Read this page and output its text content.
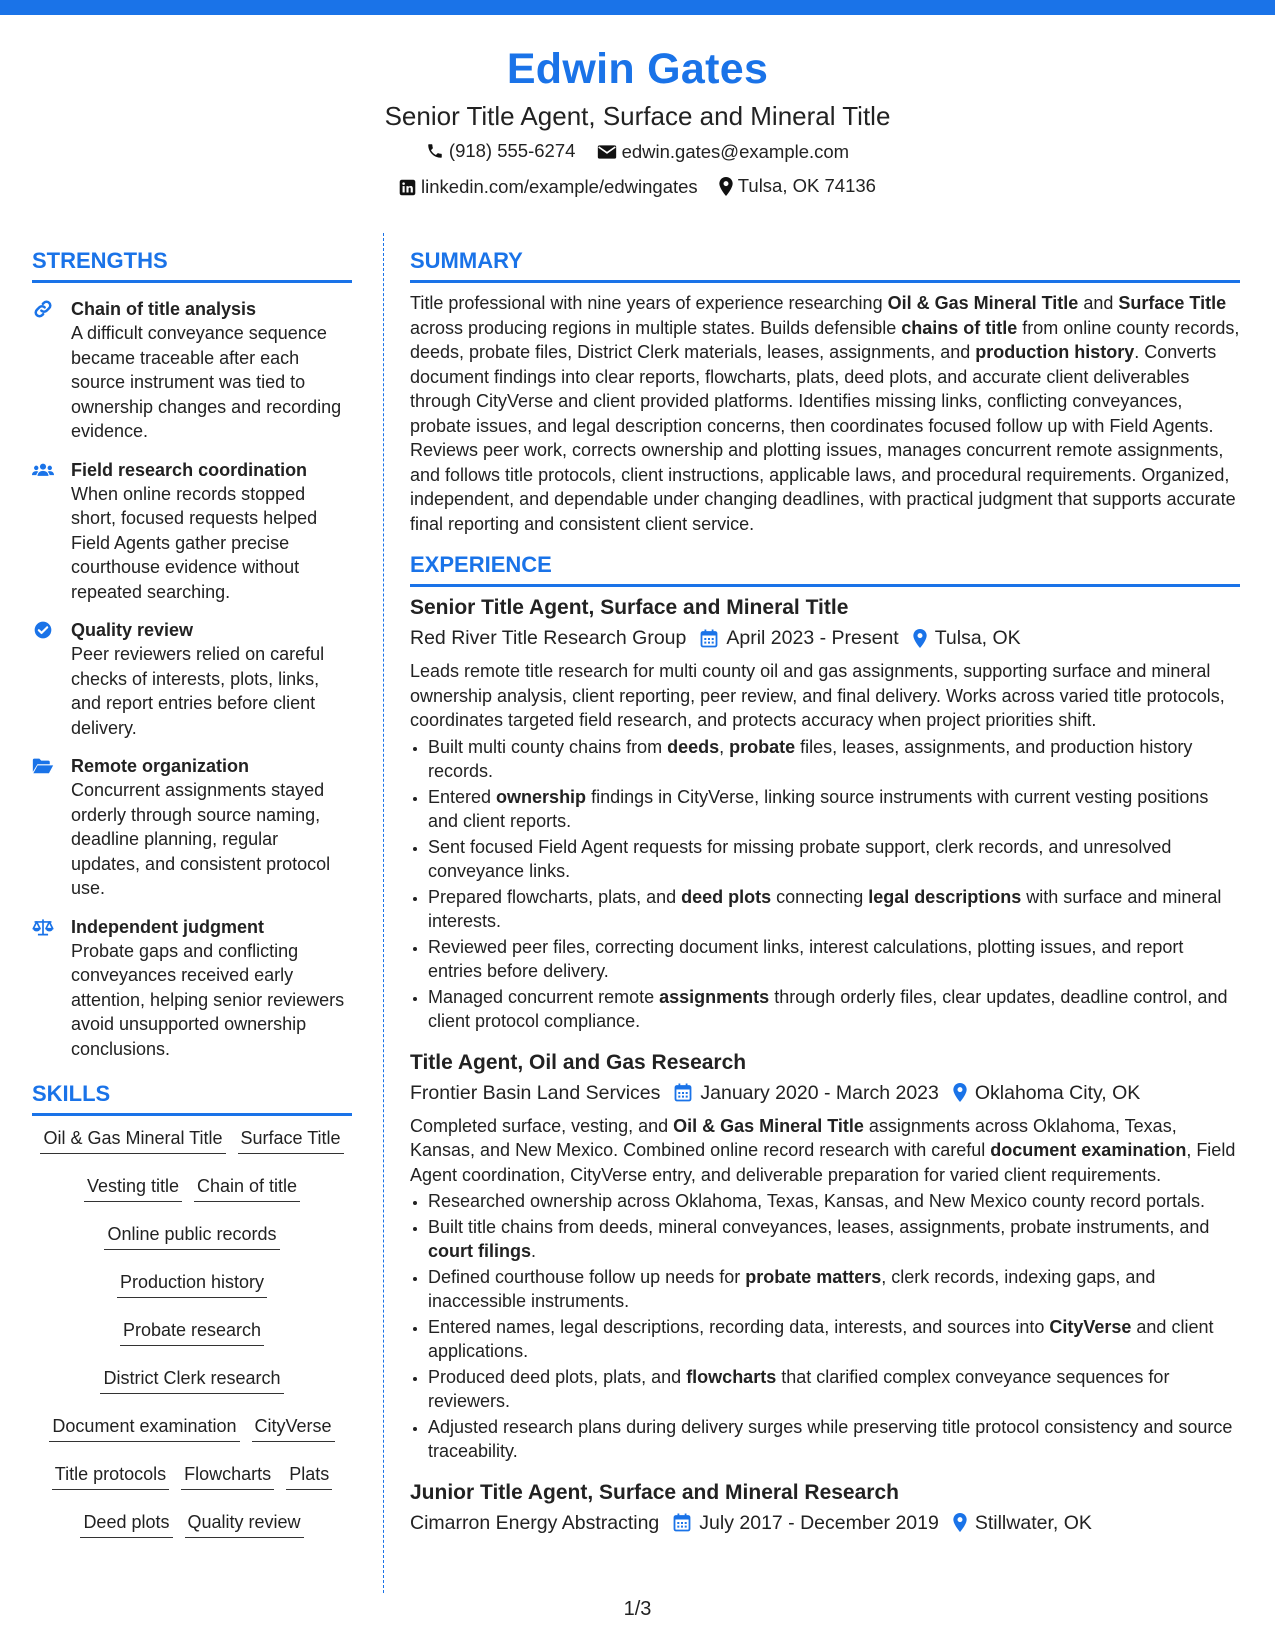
Edwin Gates
Senior Title Agent, Surface and Mineral Title
(918) 555-6274
edwin.gates@example.com
linkedin.com/example/edwingates
Tulsa, OK 74136
STRENGTHS
Chain of title analysis
A difficult conveyance sequence became traceable after each source instrument was tied to ownership changes and recording evidence.
Field research coordination
When online records stopped short, focused requests helped Field Agents gather precise courthouse evidence without repeated searching.
Quality review
Peer reviewers relied on careful checks of interests, plots, links, and report entries before client delivery.
Remote organization
Concurrent assignments stayed orderly through source naming, deadline planning, regular updates, and consistent protocol use.
Independent judgment
Probate gaps and conflicting conveyances received early attention, helping senior reviewers avoid unsupported ownership conclusions.
SKILLS
Oil & Gas Mineral Title Surface Title
Vesting title Chain of title
Online public records
Production history
Probate research
District Clerk research
Document examination CityVerse
Title protocols Flowcharts Plats
Deed plots Quality review
SUMMARY

Title professional with nine years of experience researching Oil & Gas Mineral Title and Surface Title across producing regions in multiple states. Builds defensible chains of title from online county records, deeds, probate files, District Clerk materials, leases, assignments, and production history. Converts document findings into clear reports, flowcharts, plats, deed plots, and accurate client deliverables through CityVerse and client provided platforms. Identifies missing links, conflicting conveyances, probate issues, and legal description concerns, then coordinates focused follow up with Field Agents. Reviews peer work, corrects ownership and plotting issues, manages concurrent remote assignments, and follows title protocols, client instructions, applicable laws, and procedural requirements. Organized, independent, and dependable under changing deadlines, with practical judgment that supports accurate final reporting and consistent client service.

EXPERIENCE
Senior Title Agent, Surface and Mineral Title
Red River Title Research Group April 2023 - Present Tulsa, OK

Leads remote title research for multi county oil and gas assignments, supporting surface and mineral ownership analysis, client reporting, peer review, and final delivery. Works across varied title protocols, coordinates targeted field research, and protects accuracy when project priorities shift.

• Built multi county chains from deeds, probate files, leases, assignments, and production history records.
• Entered ownership findings in CityVerse, linking source instruments with current vesting positions and client reports.
• Sent focused Field Agent requests for missing probate support, clerk records, and unresolved conveyance links.
• Prepared flowcharts, plats, and deed plots connecting legal descriptions with surface and mineral interests.
• Reviewed peer files, correcting document links, interest calculations, plotting issues, and report entries before delivery.
• Managed concurrent remote assignments through orderly files, clear updates, deadline control, and client protocol compliance.
Title Agent, Oil and Gas Research
Frontier Basin Land Services January 2020 - March 2023 Oklahoma City, OK

Completed surface, vesting, and Oil & Gas Mineral Title assignments across Oklahoma, Texas, Kansas, and New Mexico. Combined online record research with careful document examination, Field Agent coordination, CityVerse entry, and deliverable preparation for varied client requirements.

• Researched ownership across Oklahoma, Texas, Kansas, and New Mexico county record portals.
• Built title chains from deeds, mineral conveyances, leases, assignments, probate instruments, and court filings.
• Defined courthouse follow up needs for probate matters, clerk records, indexing gaps, and inaccessible instruments.
• Entered names, legal descriptions, recording data, interests, and sources into CityVerse and client applications.
• Produced deed plots, plats, and flowcharts that clarified complex conveyance sequences for reviewers.
• Adjusted research plans during delivery surges while preserving title protocol consistency and source traceability.
Junior Title Agent, Surface and Mineral Research
Cimarron Energy Abstracting July 2017 - December 2019 Stillwater, OK
1/3
